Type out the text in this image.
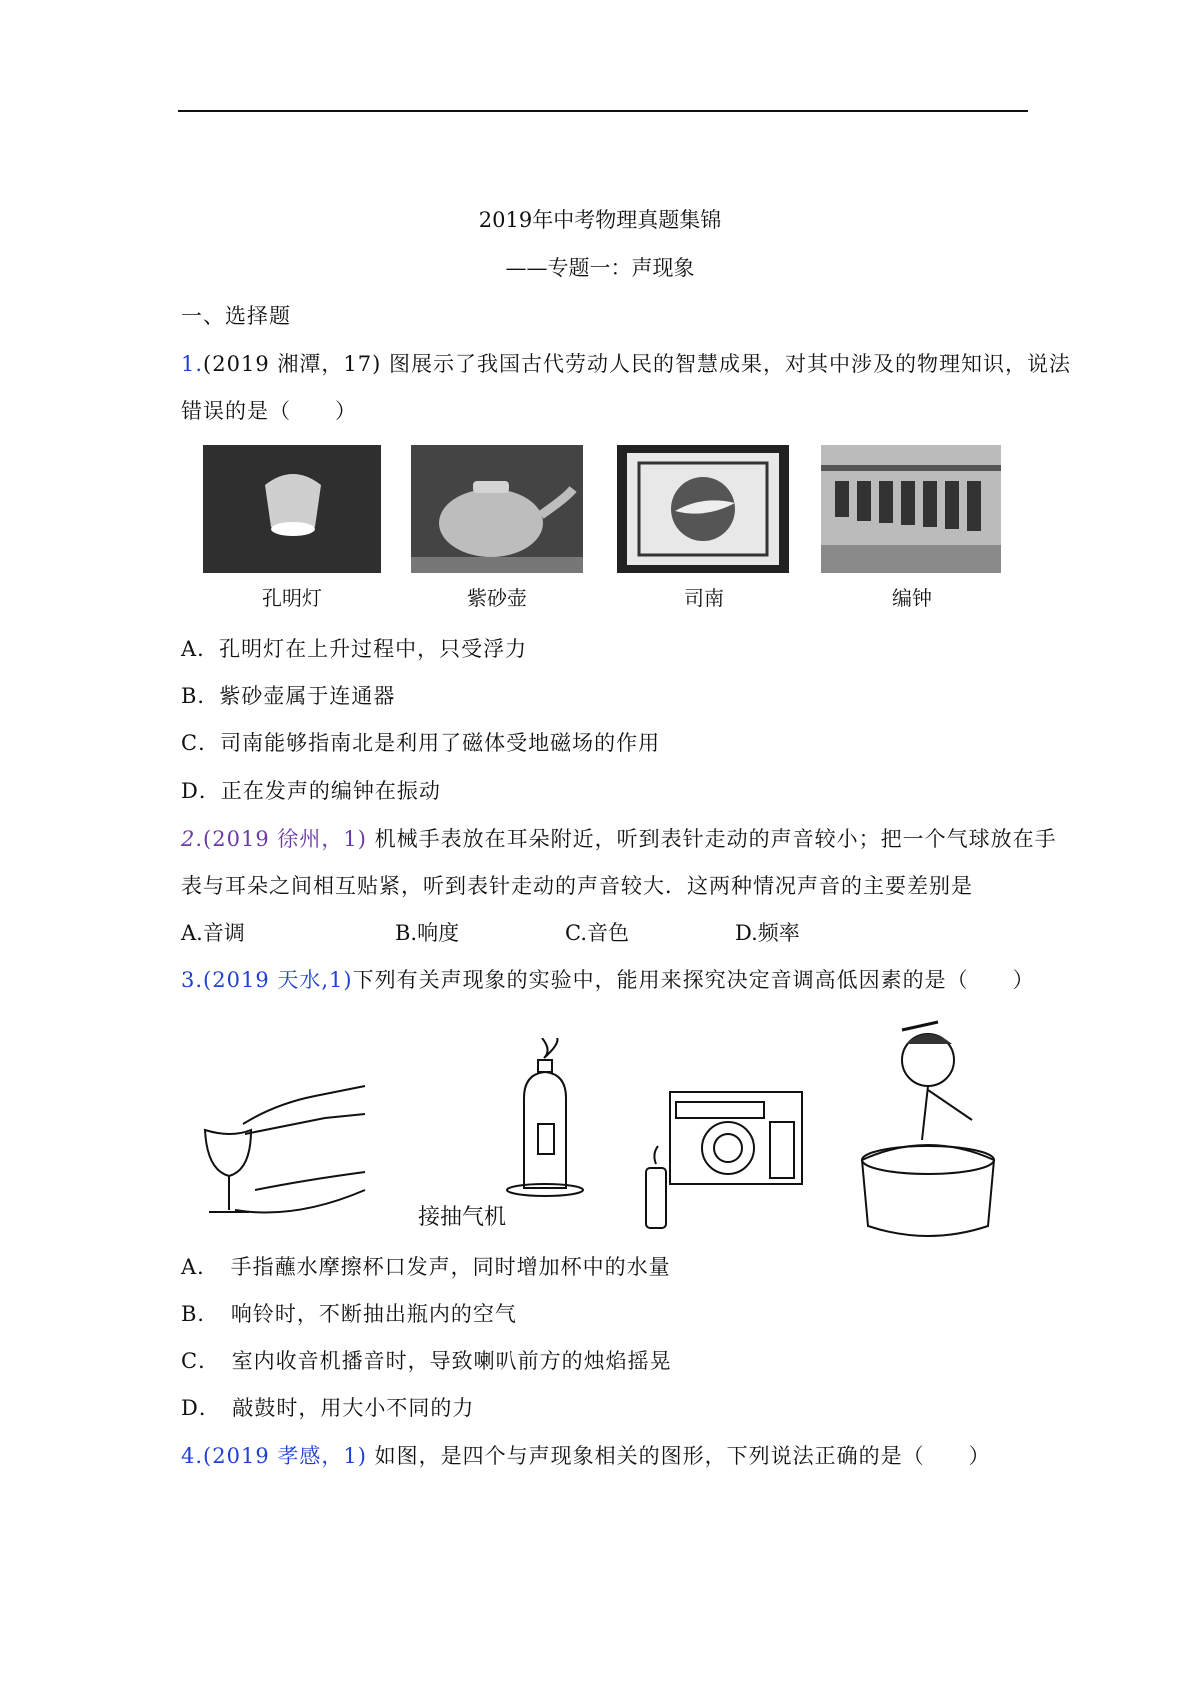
2019年中考物理真题集锦
——专题一：声现象
一、选择题
1.(2019 湘潭，17) 图展示了我国古代劳动人民的智慧成果，对其中涉及的物理知识，说法
错误的是（　　）
孔明灯	紫砂壶	司南	编钟
A．孔明灯在上升过程中，只受浮力
B．紫砂壶属于连通器
C．司南能够指南北是利用了磁体受地磁场的作用
D．正在发声的编钟在振动
2.(2019 徐州，1) 机械手表放在耳朵附近，听到表针走动的声音较小；把一个气球放在手
表与耳朵之间相互贴紧，听到表针走动的声音较大．这两种情况声音的主要差别是
A.音调	B.响度	C.音色	D.频率
3.(2019 天水,1)下列有关声现象的实验中，能用来探究决定音调高低因素的是（　　）
接抽气机
A．　手指蘸水摩擦杯口发声，同时增加杯中的水量
B．　响铃时，不断抽出瓶内的空气
C．　室内收音机播音时，导致喇叭前方的烛焰摇晃
D．　敲鼓时，用大小不同的力
4.(2019 孝感，1) 如图，是四个与声现象相关的图形，下列说法正确的是（　　）
